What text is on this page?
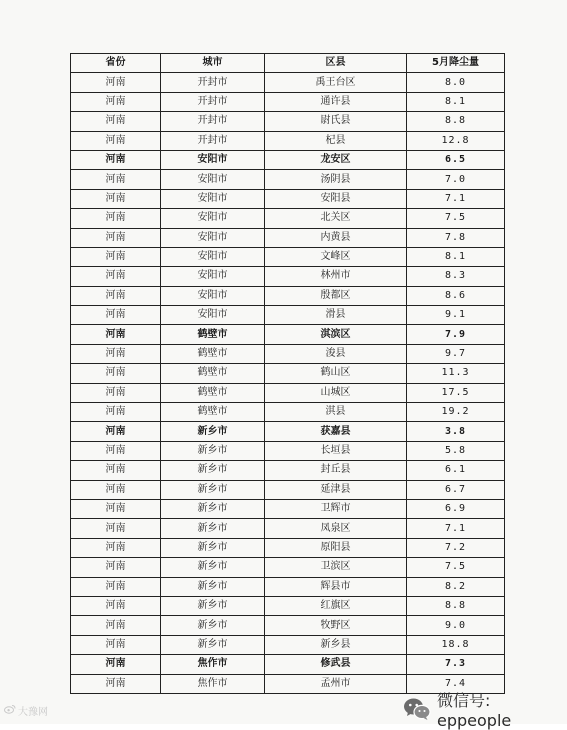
省份	城市	区县	5月降尘量
河南	开封市	禹王台区	8.0
河南	开封市	通许县	8.1
河南	开封市	尉氏县	8.8
河南	开封市	杞县	12.8
河南	安阳市	龙安区	6.5
河南	安阳市	汤阴县	7.0
河南	安阳市	安阳县	7.1
河南	安阳市	北关区	7.5
河南	安阳市	内黄县	7.8
河南	安阳市	文峰区	8.1
河南	安阳市	林州市	8.3
河南	安阳市	殷都区	8.6
河南	安阳市	滑县	9.1
河南	鹤壁市	淇滨区	7.9
河南	鹤壁市	浚县	9.7
河南	鹤壁市	鹤山区	11.3
河南	鹤壁市	山城区	17.5
河南	鹤壁市	淇县	19.2
河南	新乡市	获嘉县	3.8
河南	新乡市	长垣县	5.8
河南	新乡市	封丘县	6.1
河南	新乡市	延津县	6.7
河南	新乡市	卫辉市	6.9
河南	新乡市	凤泉区	7.1
河南	新乡市	原阳县	7.2
河南	新乡市	卫滨区	7.5
河南	新乡市	辉县市	8.2
河南	新乡市	红旗区	8.8
河南	新乡市	牧野区	9.0
河南	新乡市	新乡县	18.8
河南	焦作市	修武县	7.3
河南	焦作市	孟州市	7.4
大豫网
微信号: eppeople
